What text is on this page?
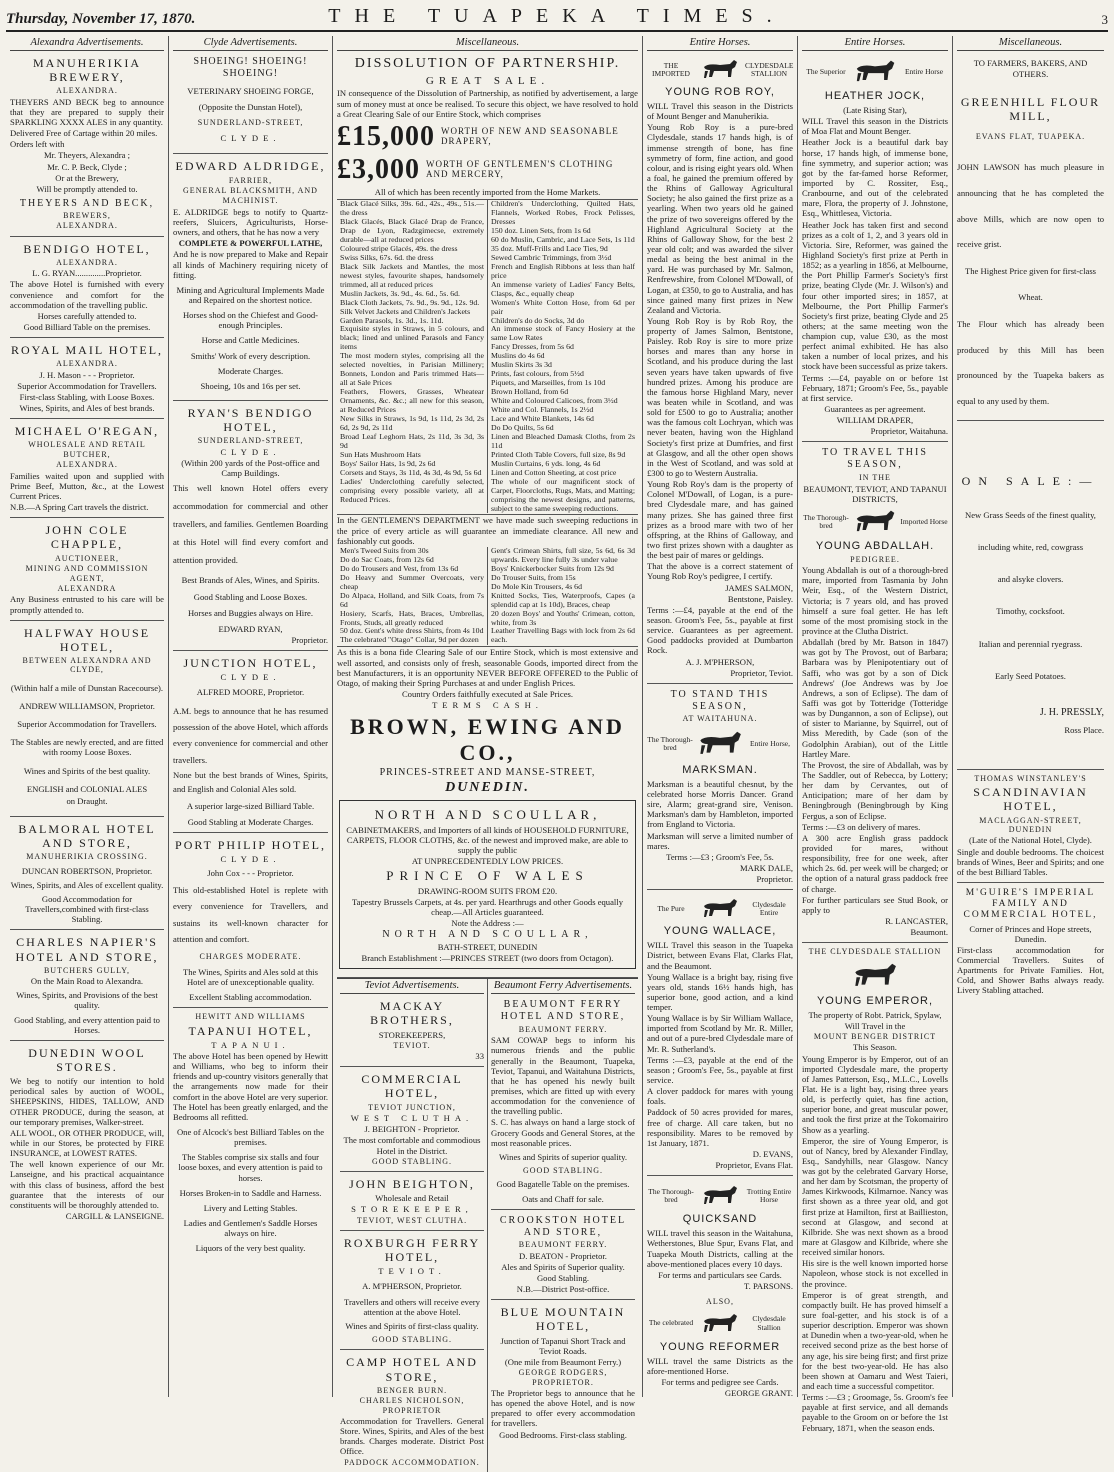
Thursday, November 17, 1870.	THE TUAPEKA TIMES.	3
Alexandra Advertisements.
MANUHERIKIA BREWERY,

ALEXANDRA.

THEYERS AND BECK beg to announce that they are prepared to supply their SPARKLING XXXX ALES in any quantity.

Delivered Free of Cartage within 20 miles.

Orders left with

Mr. Theyers, Alexandra ;

Mr. C. P. Beck, Clyde ;

Or at the Brewery,

Will be promptly attended to.

THEYERS AND BECK,

BREWERS,

ALEXANDRA.

BENDIGO HOTEL,

ALEXANDRA.

L. G. RYAN..............Proprietor.

The above Hotel is furnished with every convenience and comfort for the accommodation of the travelling public.

Horses carefully attended to.

Good Billiard Table on the premises.

ROYAL MAIL HOTEL,

ALEXANDRA.

J. H. Mason - - - Proprietor.

Superior Accommodation for Travellers.

First-class Stabling, with Loose Boxes.

Wines, Spirits, and Ales of best brands.

MICHAEL O'REGAN,

WHOLESALE AND RETAIL BUTCHER,

ALEXANDRA.

Families waited upon and supplied with Prime Beef, Mutton, &c., at the Lowest Current Prices.

N.B.—A Spring Cart travels the district.

JOHN COLE CHAPPLE,

AUCTIONEER,

MINING AND COMMISSION AGENT,

ALEXANDRA

Any Business entrusted to his care will be promptly attended to.

HALFWAY HOUSE HOTEL,

BETWEEN ALEXANDRA AND CLYDE,

(Within half a mile of Dunstan Racecourse).

ANDREW WILLIAMSON, Proprietor.

Superior Accommodation for Travellers.

The Stables are newly erected, and are fitted with roomy Loose Boxes.

Wines and Spirits of the best quality.

ENGLISH and COLONIAL ALES

on Draught.

BALMORAL HOTEL AND STORE,

MANUHERIKIA CROSSING.

DUNCAN ROBERTSON, Proprietor.

Wines, Spirits, and Ales of excellent quality.

Good Accommodation for Travellers,combined with first-class Stabling.

CHARLES NAPIER'S HOTEL AND STORE,

BUTCHERS GULLY,

On the Main Road to Alexandra.

Wines, Spirits, and Provisions of the best quality.

Good Stabling, and every attention paid to Horses.

DUNEDIN WOOL STORES.

We beg to notify our intention to hold periodical sales by auction of WOOL, SHEEPSKINS, HIDES, TALLOW, AND OTHER PRODUCE, during the season, at our temporary premises, Walker-street.

ALL WOOL, OR OTHER PRODUCE, will, while in our Stores, be protected by FIRE INSURANCE, at LOWEST RATES.

The well known experience of our Mr. Lanseigne, and his practical acquaintance with this class of business, afford the best guarantee that the interests of our constituents will be thoroughly attended to.

CARGILL & LANSEIGNE.

Clyde Advertisements.
SHOEING! SHOEING! SHOEING!

VETERINARY SHOEING FORGE,

(Opposite the Dunstan Hotel),

SUNDERLAND-STREET,

CLYDE.

EDWARD ALDRIDGE,

FARRIER,

GENERAL BLACKSMITH, AND

MACHINIST.

E. ALDRIDGE begs to notify to Quartz-reefers, Sluicers, Agriculturists, Horse-owners, and others, that he has now a very

COMPLETE & POWERFUL LATHE,

And he is now prepared to Make and Repair all kinds of Machinery requiring nicety of fitting.

Mining and Agricultural Implements Made and Repaired on the shortest notice.

Horses shod on the Chiefest and Good-enough Principles.

Horse and Cattle Medicines.

Smiths' Work of every description.

Moderate Charges.

Shoeing, 10s and 16s per set.

RYAN'S BENDIGO HOTEL,

SUNDERLAND-STREET,

CLYDE.

(Within 200 yards of the Post-office and Camp Buildings.

This well known Hotel offers every accommodation for commercial and other travellers, and families. Gentlemen Boarding at this Hotel will find every comfort and attention provided.

Best Brands of Ales, Wines, and Spirits.

Good Stabling and Loose Boxes.

Horses and Buggies always on Hire.

EDWARD RYAN,

Proprietor.

JUNCTION HOTEL,

CLYDE.

ALFRED MOORE, Proprietor.

A.M. begs to announce that he has resumed possession of the above Hotel, which affords every convenience for commercial and other travellers.

None but the best brands of Wines, Spirits, and English and Colonial Ales sold.

A superior large-sized Billiard Table.

Good Stabling at Moderate Charges.

PORT PHILIP HOTEL,

CLYDE.

John Cox - - - Proprietor.

This old-established Hotel is replete with every convenience for Travellers, and sustains its well-known character for attention and comfort.

CHARGES MODERATE.

The Wines, Spirits and Ales sold at this Hotel are of unexceptionable quality.

Excellent Stabling accommodation.

HEWITT AND WILLIAMS

TAPANUI HOTEL,

TAPANUI.

The above Hotel has been opened by Hewitt and Williams, who beg to inform their friends and up-country visitors generally that the arrangements now made for their comfort in the above Hotel are very superior. The Hotel has been greatly enlarged, and the Bedrooms all refitted.

One of Alcock's best Billiard Tables on the premises.

The Stables comprise six stalls and four loose boxes, and every attention is paid to horses.

Horses Broken-in to Saddle and Harness.

Livery and Letting Stables.

Ladies and Gentlemen's Saddle Horses always on hire.

Liquors of the very best quality.

Miscellaneous.
DISSOLUTION OF PARTNERSHIP.

GREAT SALE.

IN consequence of the Dissolution of Partnership, as notified by advertisement, a large sum of money must at once be realised. To secure this object, we have resolved to hold a Great Clearing Sale of our Entire Stock, which comprises

£15,000 WORTH OF NEW AND SEASONABLE DRAPERY,
£3,000 WORTH OF GENTLEMEN'S CLOTHING AND MERCERY,

All of which has been recently imported from the Home Markets.

Black Glacé Silks, 39s. 6d., 42s., 49s., 51s.—the dress

Black Glacés, Black Glacé Drap de France, Drap de Lyon, Radzgimecse, extremely durable—all at reduced prices

Coloured stripe Glacés, 49s. the dress

Swiss Silks, 67s. 6d. the dress

Black Silk Jackets and Mantles, the most newest styles, favourite shapes, handsomely trimmed, all at reduced prices

Muslin Jackets, 3s. 9d., 4s. 6d., 5s. 6d.

Black Cloth Jackets, 7s. 9d., 9s. 9d., 12s. 9d.

Silk Velvet Jackets and Children's Jackets

Garden Parasols, 1s. 3d., 1s. 11d.

Exquisite styles in Straws, in 5 colours, and black; lined and unlined Parasols and Fancy items

The most modern styles, comprising all the selected novelties, in Parisian Millinery; Bonnets, London and Paris trimmed Hats—all at Sale Prices

Feathers, Flowers, Grasses, Wheatear Ornaments, &c. &c.; all new for this season, at Reduced Prices

New Silks in Straws, 1s 9d, 1s 11d, 2s 3d, 2s 6d, 2s 9d, 2s 11d

Broad Leaf Leghorn Hats, 2s 11d, 3s 3d, 3s 9d

Sun Hats Mushroom Hats

Boys' Sailor Hats, 1s 9d, 2s 6d

Corsets and Stays, 3s 11d, 4s 3d, 4s 9d, 5s 6d

Ladies' Underclothing carefully selected, comprising every possible variety, all at Reduced Prices.

Children's Underclothing, Quilted Hats, Flannels, Worked Robes, Frock Pelisses, Dresses

150 doz. Linen Sets, from 1s 6d

60 do Muslin, Cambric, and Lace Sets, 1s 11d

35 doz. Muff-Frills and Lace Ties, 9d

Sewed Cambric Trimmings, from 3½d

French and English Ribbons at less than half price

An immense variety of Ladies' Fancy Belts, Clasps, &c., equally cheap

Women's White Cotton Hose, from 6d per pair

Children's do do Socks, 3d do

An immense stock of Fancy Hosiery at the same Low Rates

Fancy Dresses, from 5s 6d

Muslins do 4s 6d

Muslin Skirts 3s 3d

Prints, fast colours, from 5½d

Piquets, and Marseilles, from 1s 10d

Brown Holland, from 6d

White and Coloured Calicoes, from 3½d

White and Col. Flannels, 1s 2½d

Lace and White Blankets, 14s 6d

Do Do Quilts, 5s 6d

Linen and Bleached Damask Cloths, from 2s 11d

Printed Cloth Table Covers, full size, 8s 9d

Muslin Curtains, 6 yds. long, 4s 6d

Linen and Cotton Sheeting, at cost price

The whole of our magnificent stock of Carpet, Floorcloths, Rugs, Mats, and Matting; comprising the newest designs, and patterns, subject to the same sweeping reductions.

In the GENTLEMEN'S DEPARTMENT we have made such sweeping reductions in the price of every article as will guarantee an immediate clearance. All new and fashionably cut goods.

Men's Tweed Suits from 30s

Do do Sac Coats, from 12s 6d

Do do Trousers and Vest, from 13s 6d

Do Heavy and Summer Overcoats, very cheap

Do Alpaca, Holland, and Silk Coats, from 7s 6d

Hosiery, Scarfs, Hats, Braces, Umbrellas, Fronts, Studs, all greatly reduced

50 doz. Gent's white dress Shirts, from 4s 10d

The celebrated "Otago" Collar, 9d per dozen

Gent's Crimean Shirts, full size, 5s 6d, 6s 3d upwards. Every line fully 3s under value

Boys' Knickerbocker Suits from 12s 9d

Do Trouser Suits, from 15s

Do Mole Kin Trousers, 4s 6d

Knitted Socks, Ties, Waterproofs, Capes (a splendid cap at 1s 10d), Braces, cheap

20 dozen Boys' and Youths' Crimean, cotton, white, from 3s

Leather Travelling Bags with lock from 2s 6d each.

As this is a bona fide Clearing Sale of our Entire Stock, which is most extensive and well assorted, and consists only of fresh, seasonable Goods, imported direct from the best Manufacturers, it is an opportunity NEVER BEFORE OFFERED to the Public of Otago, of making their Spring Purchases at and under English Prices.

Country Orders faithfully executed at Sale Prices.

TERMS CASH.

BROWN, EWING AND CO.,

PRINCES-STREET AND MANSE-STREET,

DUNEDIN.
NORTH AND SCOULLAR,

CABINETMAKERS, and Importers of all kinds of HOUSEHOLD FURNITURE, CARPETS, FLOOR CLOTHS, &c. of the newest and improved make, are able to supply the public

AT UNPRECEDENTEDLY LOW PRICES.

PRINCE OF WALES

DRAWING-ROOM SUITS FROM £20.

Tapestry Brussels Carpets, at 4s. per yard. Hearthrugs and other Goods equally cheap.—All Articles guaranteed.

Note the Address :—

NORTH AND SCOULLAR,

BATH-STREET, DUNEDIN

Branch Establishment :—PRINCES STREET (two doors from Octagon).

Teviot Advertisements.
MACKAY BROTHERS,

STOREKEEPERS,

TEVIOT.

33

COMMERCIAL HOTEL,

TEVIOT JUNCTION,

WEST CLUTHA.

J. BEIGHTON - Proprietor.

The most comfortable and commodious Hotel in the District.

GOOD STABLING.

JOHN BEIGHTON,

Wholesale and Retail

STOREKEEPER,

TEVIOT, WEST CLUTHA.

ROXBURGH FERRY HOTEL,

TEVIOT.

A. M'PHERSON, Proprietor.

Travellers and others will receive every attention at the above Hotel.

Wines and Spirits of first-class quality.

GOOD STABLING.

CAMP HOTEL AND STORE,

BENGER BURN.

CHARLES NICHOLSON, PROPRIETOR

Accommodation for Travellers. General Store. Wines, Spirits, and Ales of the best brands. Charges moderate. District Post Office.

PADDOCK ACCOMMODATION.

Beaumont Ferry Advertisements.
BEAUMONT FERRY HOTEL AND STORE,

BEAUMONT FERRY.

SAM COWAP begs to inform his numerous friends and the public generally in the Beaumont, Tuapeka, Teviot, Tapanui, and Waitahuna Districts, that he has opened his newly built premises, which are fitted up with every accommodation for the convenience of the travelling public.

S. C. has always on hand a large stock of Grocery Goods and General Stores, at the most reasonable prices.

Wines and Spirits of superior quality.

GOOD STABLING.

Good Bagatelle Table on the premises.

Oats and Chaff for sale.

CROOKSTON HOTEL AND STORE,

BEAUMONT FERRY.

D. BEATON - Proprietor.

Ales and Spirits of Superior quality.

Good Stabling.

N.B.—District Post-office.

BLUE MOUNTAIN HOTEL,

Junction of Tapanui Short Track and Teviot Roads.

(One mile from Beaumont Ferry.)

GEORGE RODGERS, PROPRIETOR.

The Proprietor begs to announce that he has opened the above Hotel, and is now prepared to offer every accommodation for travellers.

Good Bedrooms. First-class stabling.

Entire Horses.
THE IMPORTED
CLYDESDALE STALLION
YOUNG ROB ROY,

WILL Travel this season in the Districts of Mount Benger and Manuherikia.

Young Rob Roy is a pure-bred Clydesdale, stands 17 hands high, is of immense strength of bone, has fine symmetry of form, fine action, and good colour, and is rising eight years old. When a foal, he gained the premium offered by the Rhins of Galloway Agricultural Society; he also gained the first prize as a yearling. When two years old he gained the prize of two sovereigns offered by the Highland Agricultural Society at the Rhins of Galloway Show, for the best 2 year old colt; and was awarded the silver medal as being the best animal in the yard. He was purchased by Mr. Salmon, Renfrewshire, from Colonel M'Dowall, of Logan, at £350, to go to Australia, and has since gained many first prizes in New Zealand and Victoria.

Young Rob Roy is by Rob Roy, the property of James Salmon, Bentstone, Paisley. Rob Roy is sire to more prize horses and mares than any horse in Scotland, and his produce during the last seven years have taken upwards of five hundred prizes. Among his produce are the famous horse Highland Mary, never was beaten while in Scotland, and was sold for £500 to go to Australia; another was the famous colt Lochryan, which was never beaten, having won the Highland Society's first prize at Dumfries, and first at Glasgow, and all the other open shows in the West of Scotland, and was sold at £300 to go to Western Australia.

Young Rob Roy's dam is the property of Colonel M'Dowall, of Logan, is a pure-bred Clydesdale mare, and has gained many prizes. She has gained three first prizes as a brood mare with two of her offspring, at the Rhins of Galloway, and two first prizes shown with a daughter as the best pair of mares or geldings.

That the above is a correct statement of Young Rob Roy's pedigree, I certify.

JAMES SALMON,

Bentstone, Paisley.

Terms :—£4, payable at the end of the season. Groom's Fee, 5s., payable at first service. Guarantees as per agreement. Good paddocks provided at Dumbarton Rock.

A. J. M'PHERSON,

Proprietor, Teviot.

TO STAND THIS SEASON,

AT WAITAHUNA.

The Thorough-bred	Entire Horse,
MARKSMAN.

Marksman is a beautiful chesnut, by the celebrated horse Morris Dancer. Grand sire, Alarm; great-grand sire, Venison. Marksman's dam by Hambleton, imported from England to Victoria.

Marksman will serve a limited number of mares.

Terms :—£3 ; Groom's Fee, 5s.

MARK DALE,

Proprietor.

The Pure	Clydesdale Entire
YOUNG WALLACE,

WILL Travel this season in the Tuapeka District, between Evans Flat, Clarks Flat, and the Beaumont.

Young Wallace is a bright bay, rising five years old, stands 16½ hands high, has superior bone, good action, and a kind temper.

Young Wallace is by Sir William Wallace, imported from Scotland by Mr. R. Miller, and out of a pure-bred Clydesdale mare of Mr. R. Sutherland's.

Terms :—£3, payable at the end of the season ; Groom's Fee, 5s., payable at first service.

A clover paddock for mares with young foals.

Paddock of 50 acres provided for mares, free of charge. All care taken, but no responsibility. Mares to be removed by 1st January, 1871.

D. EVANS,

Proprietor, Evans Flat.

The Thorough-bred
Trotting Entire Horse
QUICKSAND

WILL travel this season in the Waitahuna, Wetherstones, Blue Spur, Evans Flat, and Tuapeka Mouth Districts, calling at the above-mentioned places every 10 days.

For terms and particulars see Cards.

T. PARSONS.

ALSO,

The celebrated	Clydesdale Stallion
YOUNG REFORMER

WILL travel the same Districts as the afore-mentioned Horse.

For terms and pedigree see Cards.

GEORGE GRANT.

Entire Horses.
The Superior	Entire Horse
HEATHER JOCK,

(Late Rising Star),

WILL Travel this season in the Districts of Moa Flat and Mount Benger.

Heather Jock is a beautiful dark bay horse, 17 hands high, of immense bone, fine symmetry, and superior action; was got by the far-famed horse Reformer, imported by C. Rossiter, Esq., Cranbourne, and out of the celebrated mare, Flora, the property of J. Johnstone, Esq., Whittlesea, Victoria.

Heather Jock has taken first and second prizes as a colt of 1, 2, and 3 years old in Victoria. Sire, Reformer, was gained the Highland Society's first prize at Perth in 1852; as a yearling in 1856, at Melbourne, the Port Phillip Farmer's Society's first prize, beating Clyde (Mr. J. Wilson's) and four other imported sires; in 1857, at Melbourne, the Port Phillip Farmer's Society's first prize, beating Clyde and 25 others; at the same meeting won the champion cup, value £30, as the most perfect animal exhibited. He has also taken a number of local prizes, and his stock have been successful as prize takers.

Terms :—£4, payable on or before 1st February, 1871; Groom's Fee, 5s., payable at first service.

Guarantees as per agreement.

WILLIAM DRAPER,

Proprietor, Waitahuna.

TO TRAVEL THIS SEASON,

IN THE

BEAUMONT, TEVIOT, AND TAPANUI DISTRICTS,

The Thorough-bred	Imported Horse
YOUNG ABDALLAH.

PEDIGREE.

Young Abdallah is out of a thorough-bred mare, imported from Tasmania by John Weir, Esq., of the Western District, Victoria; is 7 years old, and has proved himself a sure foal getter. He has left some of the most promising stock in the province at the Clutha District.

Abdallah (bred by Mr. Batson in 1847) was got by The Provost, out of Barbara; Barbara was by Plenipotentiary out of Saffi, who was got by a son of Dick Andrews' (Joe Andrews was by Joe Andrews, a son of Eclipse). The dam of Saffi was got by Totteridge (Totteridge was by Dungannon, a son of Eclipse), out of sister to Marianne, by Squirrel, out of Miss Meredith, by Cade (son of the Godolphin Arabian), out of the Little Hartley Mare.

The Provost, the sire of Abdallah, was by The Saddler, out of Rebecca, by Lottery; her dam by Cervantes, out of Anticipation; mare of her dam by Beningbrough (Beningbrough by King Fergus, a son of Eclipse.

Terms :—£3 on delivery of mares.

A 300 acre English grass paddock provided for mares, without responsibility, free for one week, after which 2s. 6d. per week will be charged; or the option of a natural grass paddock free of charge.

For further particulars see Stud Book, or apply to

R. LANCASTER,

Beaumont.

THE CLYDESDALE STALLION

YOUNG EMPEROR,

The property of Robt. Patrick, Spylaw,

Will Travel in the

MOUNT BENGER DISTRICT

This Season.

Young Emperor is by Emperor, out of an imported Clydesdale mare, the property of James Patterson, Esq., M.L.C., Lovells Flat. He is a light bay, rising three years old, is perfectly quiet, has fine action, superior bone, and great muscular power, and took the first prize at the Tokomairiro Show as a yearling.

Emperor, the sire of Young Emperor, is out of Nancy, bred by Alexander Findlay, Esq., Sandyhills, near Glasgow. Nancy was got by the celebrated Garvary Horse, and her dam by Scotsman, the property of James Kirkwoods, Kilmarnoe. Nancy was first shown as a three year old, and got first prize at Hamilton, first at Baillieston, second at Glasgow, and second at Kilbride. She was next shown as a brood mare at Glasgow and Kilbride, where she received similar honors.

His sire is the well known imported horse Napoleon, whose stock is not excelled in the province.

Emperor is of great strength, and compactly built. He has proved himself a sure foal-getter, and his stock is of a superior description. Emperor was shown at Dunedin when a two-year-old, when he received second prize as the best horse of any age, his sire being first; and first prize for the best two-year-old. He has also been shown at Oamaru and West Taieri, and each time a successful competitor.

Terms :—£3 ; Groomage, 5s. Groom's fee payable at first service, and all demands payable to the Groom on or before the 1st February, 1871, when the season ends.

Miscellaneous.

TO FARMERS, BAKERS, AND

OTHERS.

GREENHILL FLOUR MILL,

EVANS FLAT, TUAPEKA.

JOHN LAWSON has much pleasure in announcing that he has completed the above Mills, which are now open to receive grist.

The Highest Price given for first-class Wheat.

The Flour which has already been produced by this Mill has been pronounced by the Tuapeka bakers as equal to any used by them.

ON SALE:—

New Grass Seeds of the finest quality,

including white, red, cowgrass

and alsyke clovers.

Timothy, cocksfoot.

Italian and perennial ryegrass.

Early Seed Potatoes.

J. H. PRESSLY,

Ross Place.

THOMAS WINSTANLEY'S

SCANDINAVIAN HOTEL,

MACLAGGAN-STREET, DUNEDIN

(Late of the National Hotel, Clyde).

Single and double bedrooms. The choicest brands of Wines, Beer and Spirits; and one of the best Billiard Tables.

M'GUIRE'S IMPERIAL FAMILY AND COMMERCIAL HOTEL,

Corner of Princes and Hope streets, Dunedin.

First-class accommodation for Commercial Travellers. Suites of Apartments for Private Families. Hot, Cold, and Shower Baths always ready. Livery Stabling attached.
